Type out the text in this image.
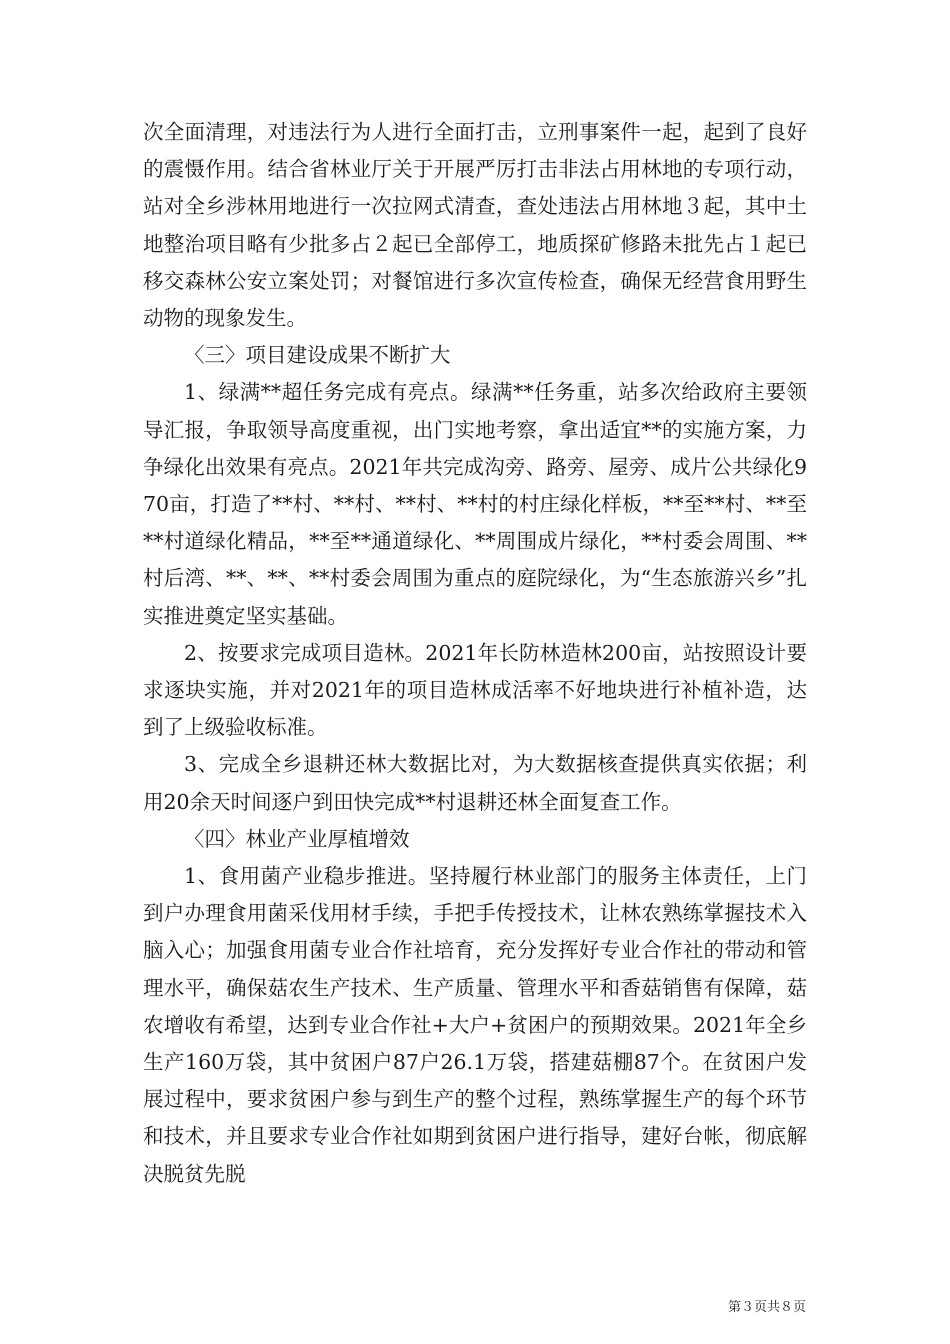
次全面清理，对违法行为人进行全面打击，立刑事案件一起，起到了良好的震慑作用。结合省林业厅关于开展严厉打击非法占用林地的专项行动，站对全乡涉林用地进行一次拉网式清查，查处违法占用林地３起，其中土地整治项目略有少批多占２起已全部停工，地质探矿修路未批先占１起已移交森林公安立案处罚；对餐馆进行多次宣传检查，确保无经营食用野生动物的现象发生。

〈三〉项目建设成果不断扩大

1、绿满**超任务完成有亮点。绿满**任务重，站多次给政府主要领导汇报，争取领导高度重视，出门实地考察，拿出适宜**的实施方案，力争绿化出效果有亮点。2021年共完成沟旁、路旁、屋旁、成片公共绿化970亩，打造了**村、**村、**村、**村的村庄绿化样板，**至**村、**至**村道绿化精品，**至**通道绿化、**周围成片绿化，**村委会周围、**村后湾、**、**、**村委会周围为重点的庭院绿化，为“生态旅游兴乡”扎实推进奠定坚实基础。

2、按要求完成项目造林。2021年长防林造林200亩，站按照设计要求逐块实施，并对2021年的项目造林成活率不好地块进行补植补造，达到了上级验收标准。

3、完成全乡退耕还林大数据比对，为大数据核查提供真实依据；利用20余天时间逐户到田快完成**村退耕还林全面复查工作。

〈四〉林业产业厚植增效

1、食用菌产业稳步推进。坚持履行林业部门的服务主体责任，上门到户办理食用菌采伐用材手续，手把手传授技术，让林农熟练掌握技术入脑入心；加强食用菌专业合作社培育，充分发挥好专业合作社的带动和管理水平，确保菇农生产技术、生产质量、管理水平和香菇销售有保障，菇农增收有希望，达到专业合作社+大户+贫困户的预期效果。2021年全乡生产160万袋，其中贫困户87户26.1万袋，搭建菇棚87个。在贫困户发展过程中，要求贫困户参与到生产的整个过程，熟练掌握生产的每个环节和技术，并且要求专业合作社如期到贫困户进行指导，建好台帐，彻底解决脱贫先脱

第３页共８页
